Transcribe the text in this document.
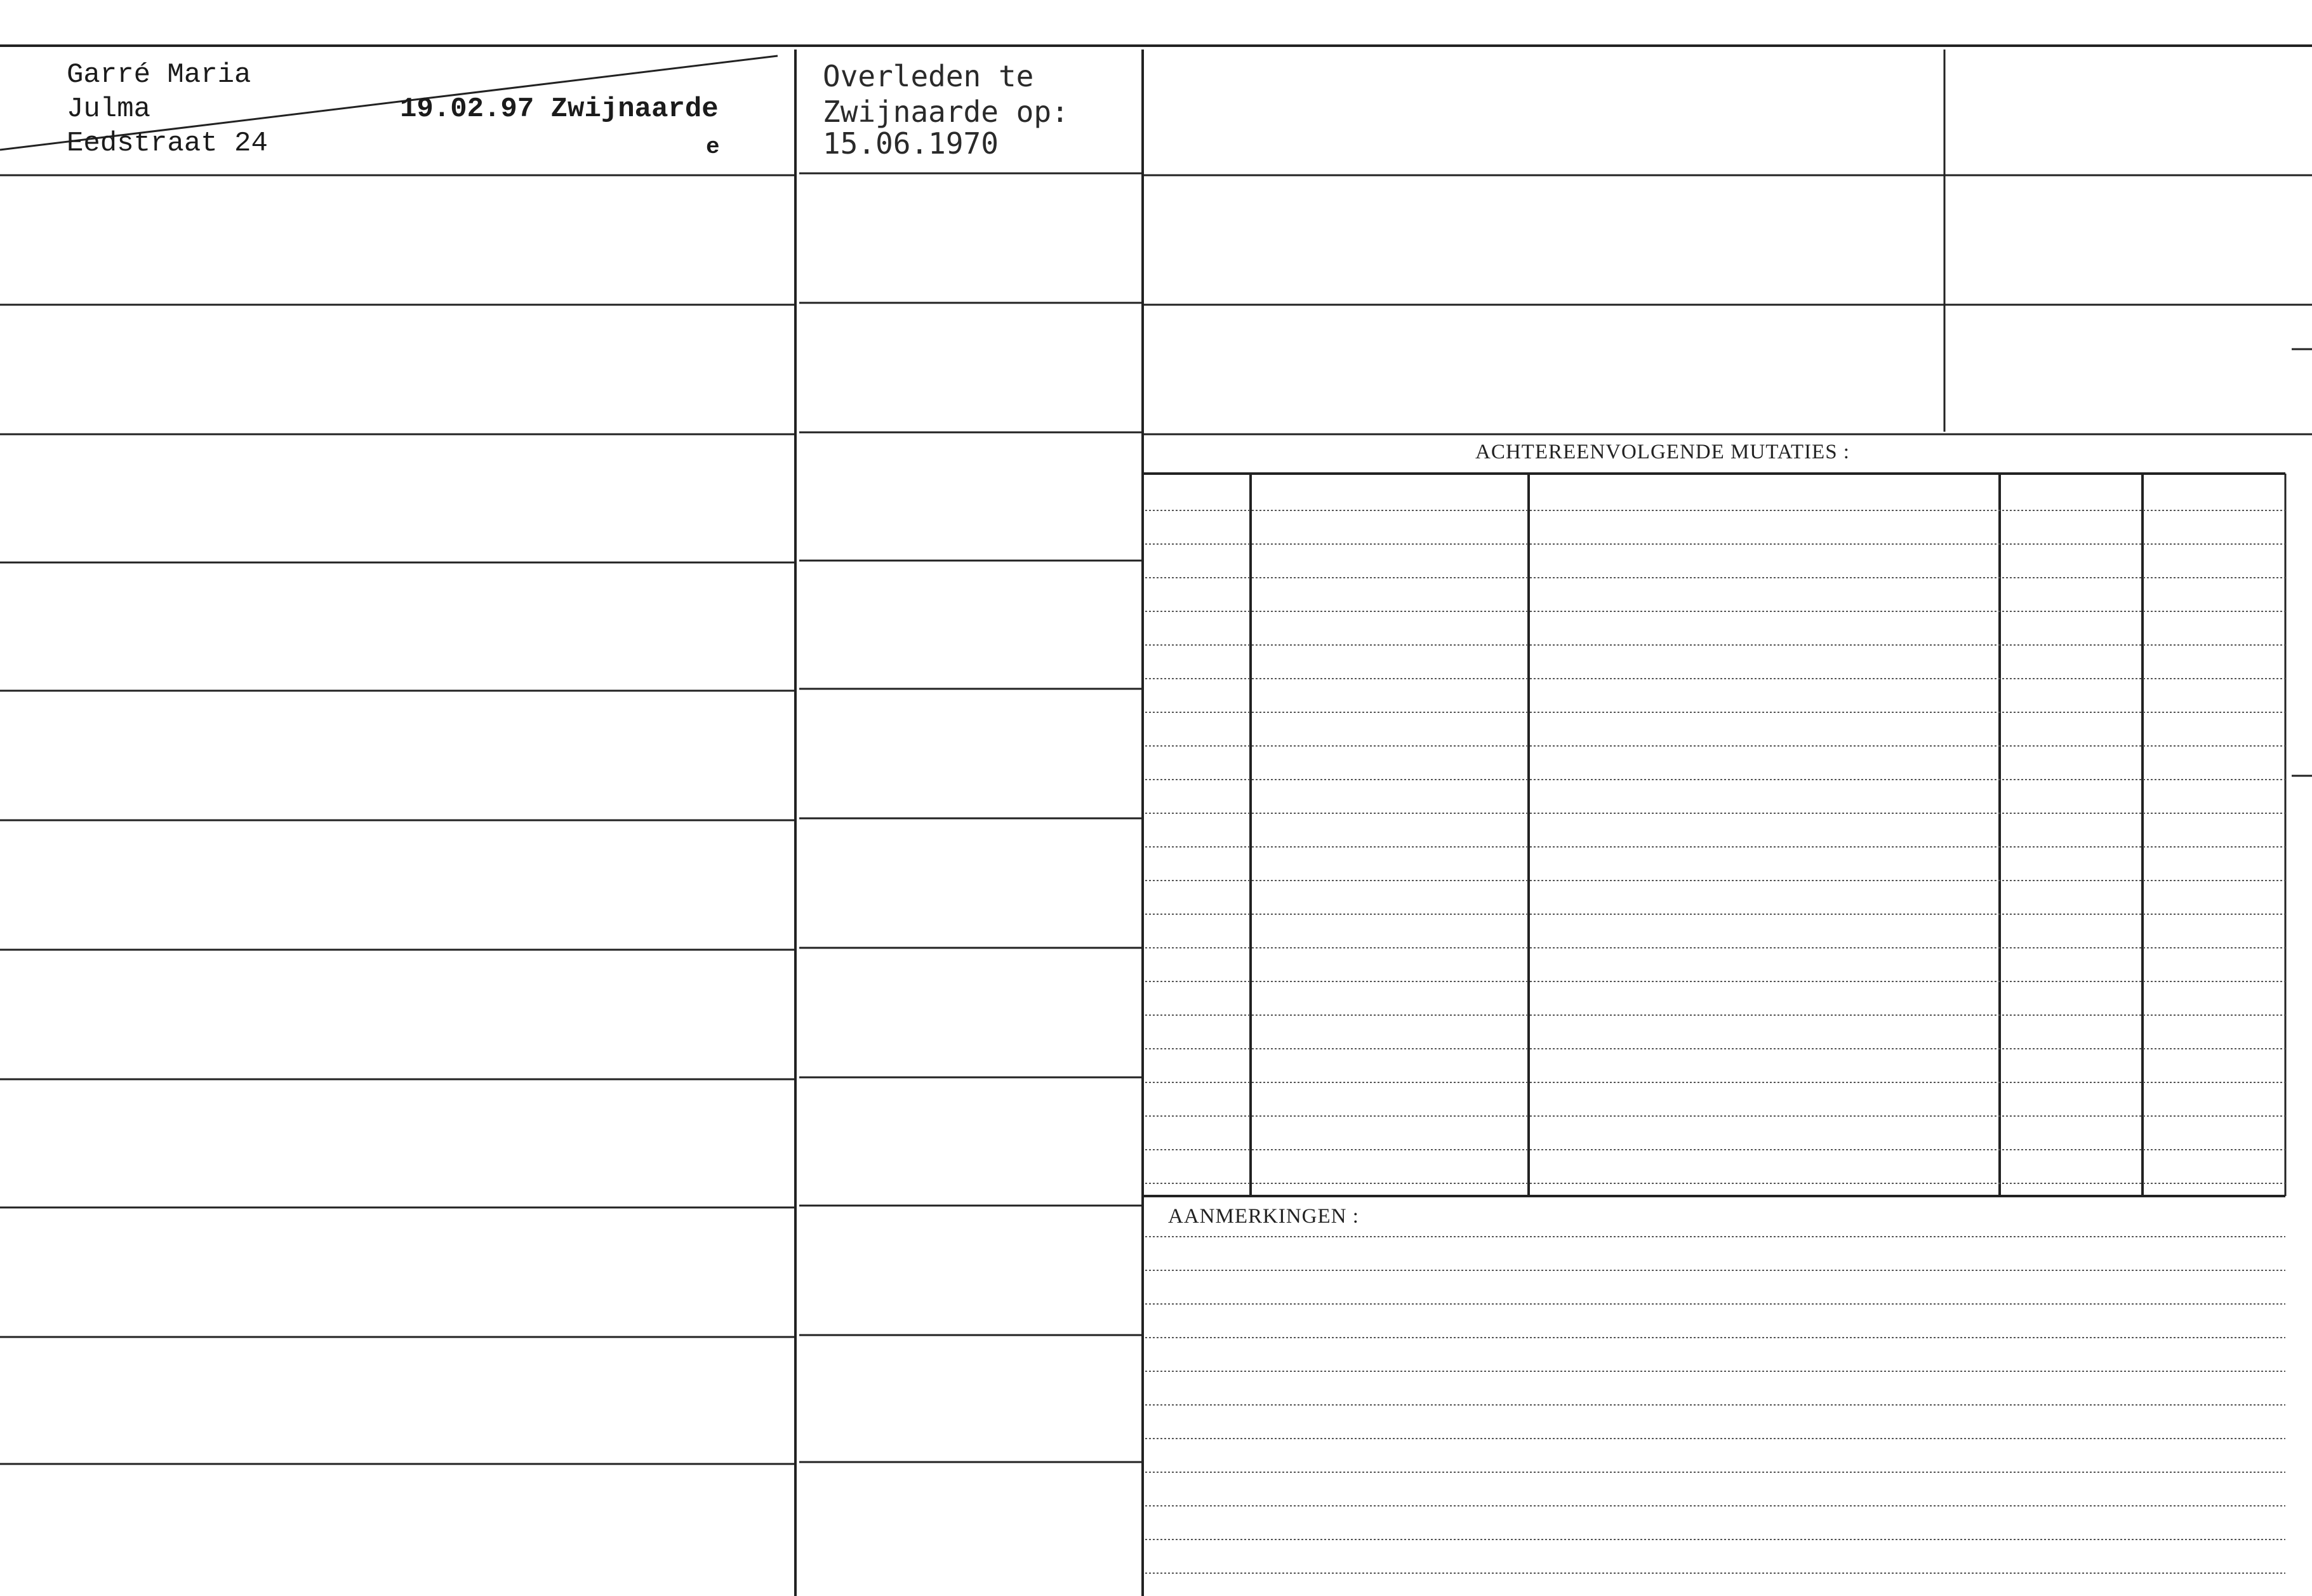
Garré Maria
Julma
Eedstraat 24
19.02.97 Zwijnaarde
e
Overleden te
Zwijnaarde op:
15.06.1970
ACHTEREENVOLGENDE MUTATIES :
AANMERKINGEN :
